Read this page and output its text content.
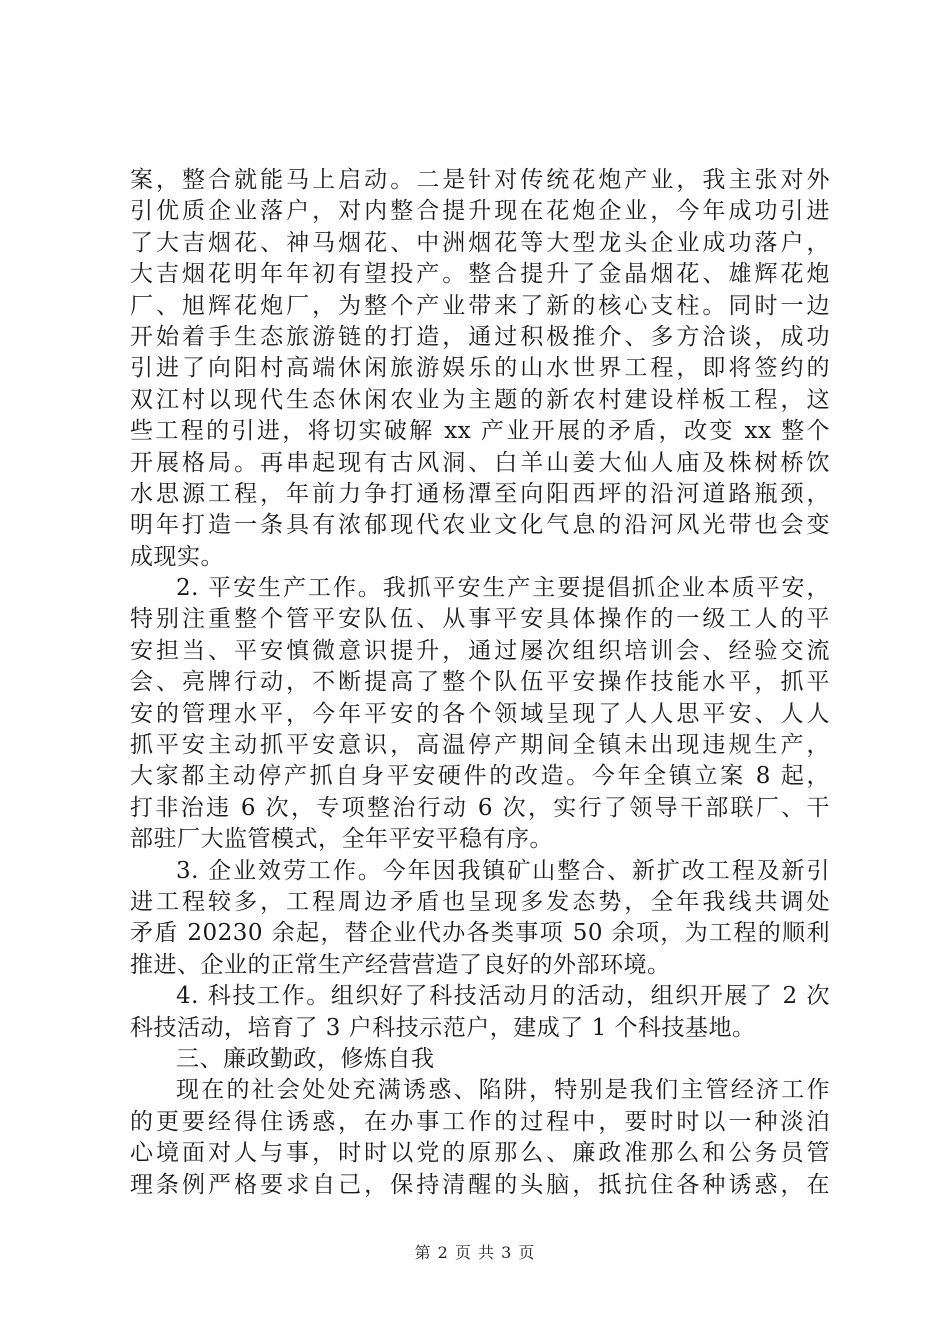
案，整合就能马上启动。二是针对传统花炮产业，我主张对外
引优质企业落户，对内整合提升现在花炮企业，今年成功引进
了大吉烟花、神马烟花、中洲烟花等大型龙头企业成功落户，
大吉烟花明年年初有望投产。整合提升了金晶烟花、雄辉花炮
厂、旭辉花炮厂，为整个产业带来了新的核心支柱。同时一边
开始着手生态旅游链的打造，通过积极推介、多方洽谈，成功
引进了向阳村高端休闲旅游娱乐的山水世界工程，即将签约的
双江村以现代生态休闲农业为主题的新农村建设样板工程，这
些工程的引进，将切实破解 xx 产业开展的矛盾，改变 xx 整个
开展格局。再串起现有古风洞、白羊山姜大仙人庙及株树桥饮
水思源工程，年前力争打通杨潭至向阳西坪的沿河道路瓶颈，
明年打造一条具有浓郁现代农业文化气息的沿河风光带也会变
成现实。
2. 平安生产工作。我抓平安生产主要提倡抓企业本质平安，
特别注重整个管平安队伍、从事平安具体操作的一级工人的平
安担当、平安慎微意识提升，通过屡次组织培训会、经验交流
会、亮牌行动，不断提高了整个队伍平安操作技能水平，抓平
安的管理水平，今年平安的各个领域呈现了人人思平安、人人
抓平安主动抓平安意识，高温停产期间全镇未出现违规生产，
大家都主动停产抓自身平安硬件的改造。今年全镇立案 8 起，
打非治违 6 次，专项整治行动 6 次，实行了领导干部联厂、干
部驻厂大监管模式，全年平安平稳有序。
3. 企业效劳工作。今年因我镇矿山整合、新扩改工程及新引
进工程较多，工程周边矛盾也呈现多发态势，全年我线共调处
矛盾 20230 余起，替企业代办各类事项 50 余项，为工程的顺利
推进、企业的正常生产经营营造了良好的外部环境。
4. 科技工作。组织好了科技活动月的活动，组织开展了 2 次
科技活动，培育了 3 户科技示范户，建成了 1 个科技基地。
三、廉政勤政，修炼自我
现在的社会处处充满诱惑、陷阱，特别是我们主管经济工作
的更要经得住诱惑，在办事工作的过程中，要时时以一种淡泊
心境面对人与事，时时以党的原那么、廉政准那么和公务员管
理条例严格要求自己，保持清醒的头脑，抵抗住各种诱惑，在
第 2 页 共 3 页
